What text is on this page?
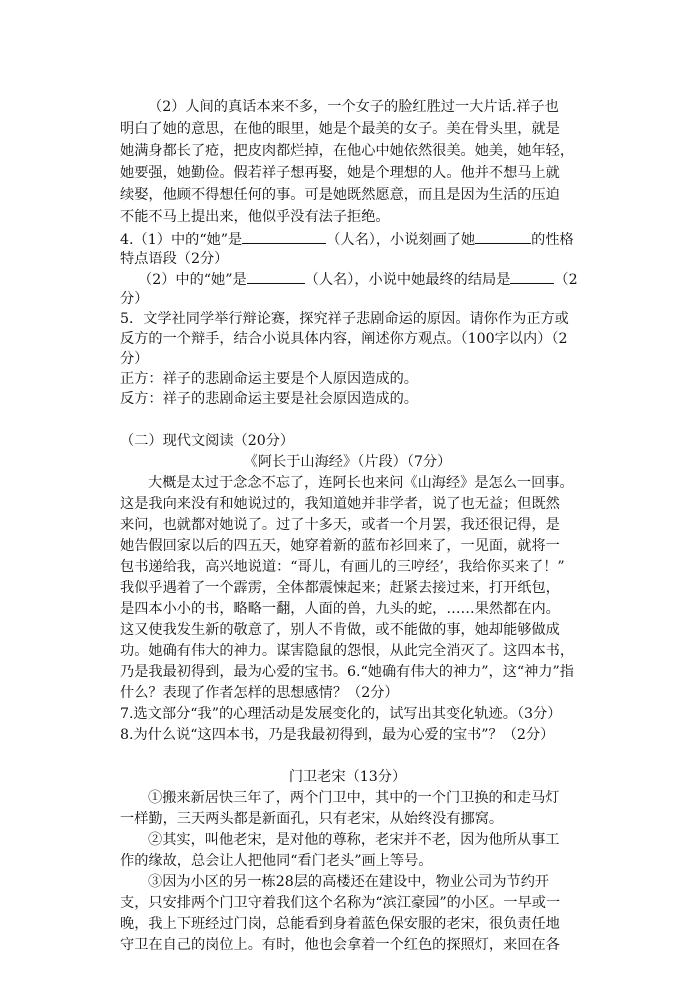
（2）人间的真话本来不多，一个女子的脸红胜过一大片话.祥子也
明白了她的意思，在他的眼里，她是个最美的女子。美在骨头里，就是
她满身都长了疮，把皮肉都烂掉，在他心中她依然很美。她美，她年轻，
她要强，她勤俭。假若祥子想再娶，她是个理想的人。他并不想马上就
续娶，他顾不得想任何的事。可是她既然愿意，而且是因为生活的压迫
不能不马上提出来，他似乎没有法子拒绝。
4.（1）中的“她”是	（人名），小说刻画了她	的性格
特点语段（2分）
（2）中的“她”是	（人名），小说中她最终的结局是	（2
分）
5．文学社同学举行辩论赛，探究祥子悲剧命运的原因。请你作为正方或
反方的一个辩手，结合小说具体内容，阐述你方观点。（100字以内）（2
分）
正方：祥子的悲剧命运主要是个人原因造成的。
反方：祥子的悲剧命运主要是社会原因造成的。
（二）现代文阅读（20分）
《阿长于山海经》（片段）（7分）
大概是太过于念念不忘了，连阿长也来问《山海经》是怎么一回事。
这是我向来没有和她说过的，我知道她并非学者，说了也无益；但既然
来问，也就都对她说了。过了十多天，或者一个月罢，我还很记得，是
她告假回家以后的四五天，她穿着新的蓝布衫回来了，一见面，就将一
包书递给我，高兴地说道：“哥儿，有画儿的三哼经’，我给你买来了！”
我似乎遇着了一个霹雳，全体都震悚起来；赶紧去接过来，打开纸包，
是四本小小的书，略略一翻，人面的兽，九头的蛇，……果然都在内。
这又使我发生新的敬意了，别人不肯做，或不能做的事，她却能够做成
功。她确有伟大的神力。谋害隐鼠的怨恨，从此完全消灭了。这四本书，
乃是我最初得到，最为心爱的宝书。6.“她确有伟大的神力”，这“神力”指
什么？表现了作者怎样的思想感情？（2分）
7.选文部分“我”的心理活动是发展变化的，试写出其变化轨迹。（3分）
8.为什么说“这四本书，乃是我最初得到，最为心爱的宝书”？（2分）
门卫老宋（13分）
①搬来新居快三年了，两个门卫中，其中的一个门卫换的和走马灯
一样勤，三天两头都是新面孔，只有老宋，从始终没有挪窝。
②其实，叫他老宋，是对他的尊称，老宋并不老，因为他所从事工
作的缘故，总会让人把他同“看门老头”画上等号。
③因为小区的另一栋28层的高楼还在建设中，物业公司为节约开
支，只安排两个门卫守着我们这个名称为“滨江豪园”的小区。一早或一
晚，我上下班经过门岗，总能看到身着蓝色保安服的老宋，很负责任地
守卫在自己的岗位上。有时，他也会拿着一个红色的探照灯，来回在各
